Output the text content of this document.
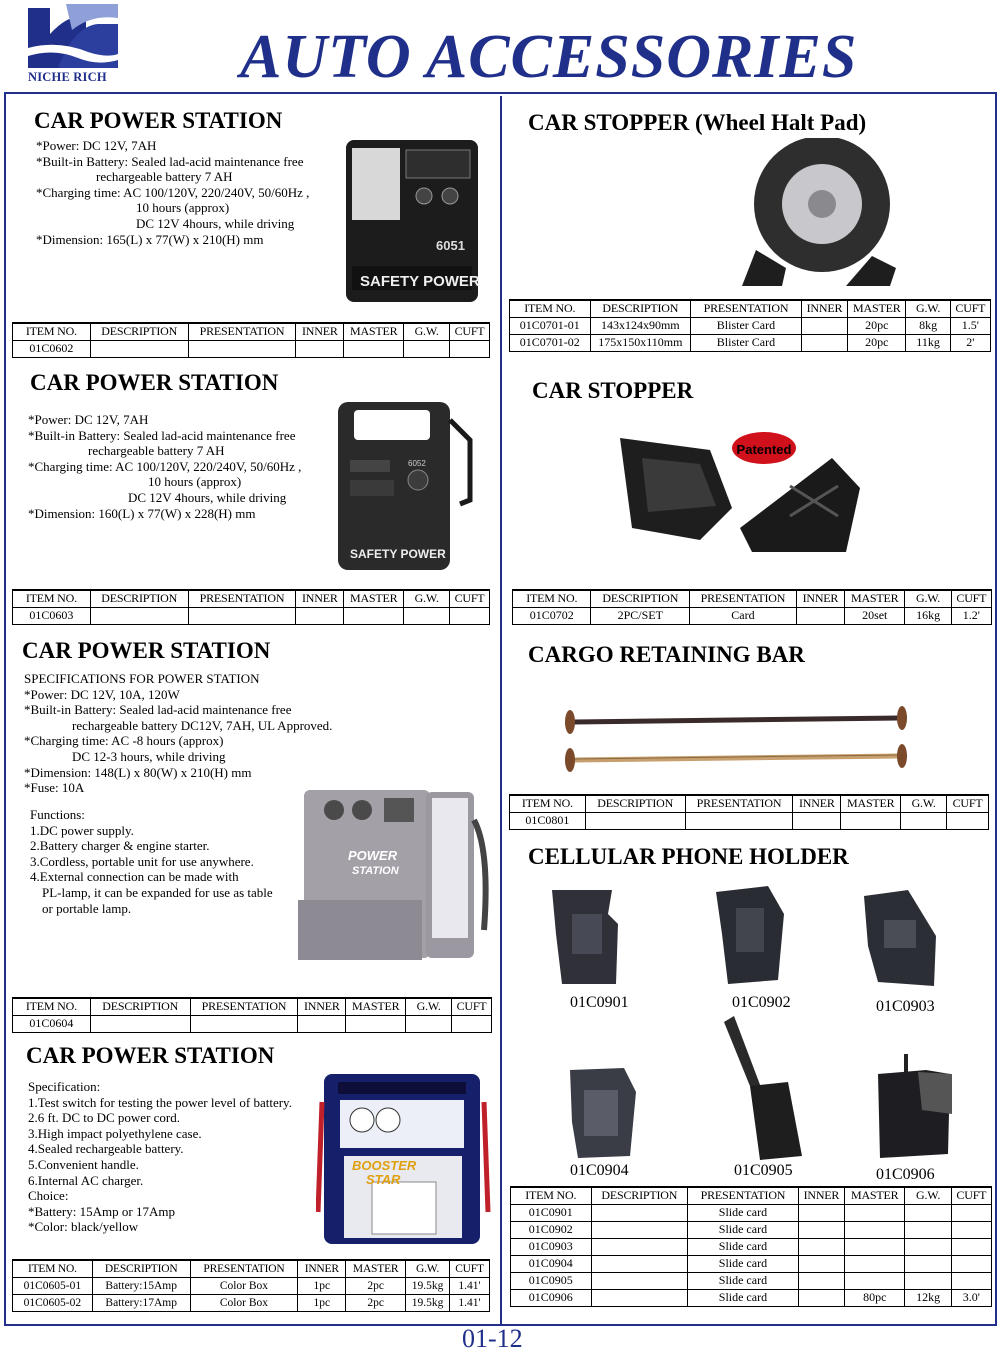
NICHE RICH AUTO ACCESSORIES
CAR POWER STATION
*Power: DC 12V, 7AH
*Built-in Battery: Sealed lad-acid maintenance free
rechargeable battery 7 AH
*Charging time: AC 100/120V, 220/240V, 50/60Hz ,
10 hours (approx)
DC 12V 4hours, while driving
*Dimension: 165(L) x 77(W) x 210(H) mm	6051
SAFETY POWER
ITEM NO.	DESCRIPTION	PRESENTATION	INNER	MASTER	G.W.	CUFT
01C0602						
CAR POWER STATION
*Power: DC 12V, 7AH
*Built-in Battery: Sealed lad-acid maintenance free
rechargeable battery 7 AH
*Charging time: AC 100/120V, 220/240V, 50/60Hz ,
10 hours (approx)
DC 12V 4hours, while driving
*Dimension: 160(L) x 77(W) x 228(H) mm
6052
SAFETY POWER
ITEM NO.	DESCRIPTION	PRESENTATION	INNER	MASTER	G.W.	CUFT
01C0603						
CAR POWER STATION
SPECIFICATIONS FOR POWER STATION
*Power: DC 12V, 10A, 120W
*Built-in Battery: Sealed lad-acid maintenance free
rechargeable battery DC12V, 7AH, UL Approved.
*Charging time: AC -8 hours (approx)
DC 12-3 hours, while driving
*Dimension: 148(L) x 80(W) x 210(H) mm
*Fuse: 10A
Functions:
1.DC power supply.
2.Battery charger & engine starter.
3.Cordless, portable unit for use anywhere.
4.External connection can be made with
PL-lamp, it can be expanded for use as table
or portable lamp.
POWER
STATION
ITEM NO.	DESCRIPTION	PRESENTATION	INNER	MASTER	G.W.	CUFT
01C0604						
CAR POWER STATION
Specification:
1.Test switch for testing the power level of battery.
2.6 ft. DC to DC power cord.
3.High impact polyethylene case.
4.Sealed rechargeable battery.
5.Convenient handle.
6.Internal AC charger.
Choice:
*Battery: 15Amp or 17Amp
*Color: black/yellow
BOOSTER
STAR
ITEM NO.	DESCRIPTION	PRESENTATION	INNER	MASTER	G.W.	CUFT
01C0605-01	Battery:15Amp	Color Box	1pc	2pc	19.5kg	1.41'
01C0605-02	Battery:17Amp	Color Box	1pc	2pc	19.5kg	1.41'
CAR STOPPER (Wheel Halt Pad)
ITEM NO.	DESCRIPTION	PRESENTATION	INNER	MASTER	G.W.	CUFT
01C0701-01	143x124x90mm	Blister Card		20pc	8kg	1.5'
01C0701-02	175x150x110mm	Blister Card		20pc	11kg	2'
CAR STOPPER
Patented
ITEM NO.	DESCRIPTION	PRESENTATION	INNER	MASTER	G.W.	CUFT
01C0702	2PC/SET	Card		20set	16kg	1.2'
CARGO RETAINING BAR
ITEM NO.	DESCRIPTION	PRESENTATION	INNER	MASTER	G.W.	CUFT
01C0801						
CELLULAR PHONE HOLDER
01C0901	01C0902	01C0903
01C0904	01C0905	01C0906
ITEM NO.	DESCRIPTION	PRESENTATION	INNER	MASTER	G.W.	CUFT
01C0901		Slide card				
01C0902		Slide card				
01C0903		Slide card				
01C0904		Slide card				
01C0905		Slide card				
01C0906		Slide card		80pc	12kg	3.0'
01-12
